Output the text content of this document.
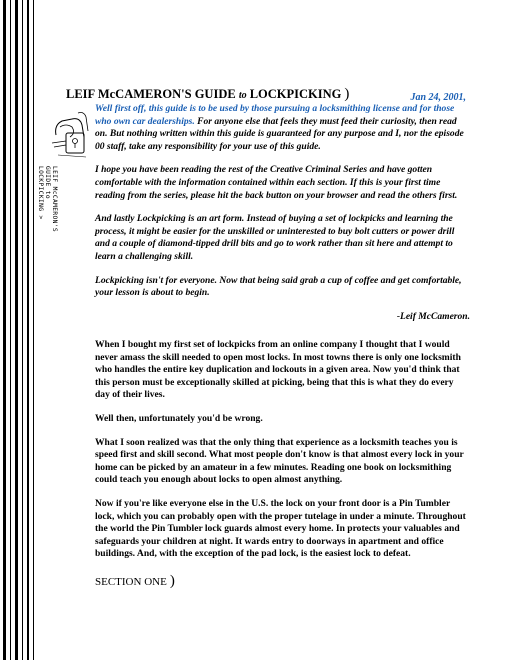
LEIF McCAMERON'S GUIDE to LOCKPICKING )	Jan 24, 2001,
LEIF McCAMERON'S
GUIDE to
LOCKPICKING >

Well first off, this guide is to be used by those pursuing a locksmithing license and for those who own car dealerships. For anyone else that feels they must feed their curiosity, then read on. But nothing written within this guide is guaranteed for any purpose and I, nor the episode 00 staff, take any responsibility for your use of this guide.

I hope you have been reading the rest of the Creative Criminal Series and have gotten comfortable with the information contained within each section. If this is your first time reading from the series, please hit the back button on your browser and read the others first.

And lastly Lockpicking is an art form. Instead of buying a set of lockpicks and learning the process, it might be easier for the unskilled or uninterested to buy bolt cutters or power drill and a couple of diamond-tipped drill bits and go to work rather than sit here and attempt to learn a challenging skill.

Lockpicking isn't for everyone. Now that being said grab a cup of coffee and get comfortable, your lesson is about to begin.

-Leif McCameron.

When I bought my first set of lockpicks from an online company I thought that I would never amass the skill needed to open most locks. In most towns there is only one locksmith who handles the entire key duplication and lockouts in a given area. Now you'd think that this person must be exceptionally skilled at picking, being that this is what they do every day of their lives.

Well then, unfortunately you'd be wrong.

What I soon realized was that the only thing that experience as a locksmith teaches you is speed first and skill second. What most people don't know is that almost every lock in your home can be picked by an amateur in a few minutes. Reading one book on locksmithing could teach you enough about locks to open almost anything.

Now if you're like everyone else in the U.S. the lock on your front door is a Pin Tumbler lock, which you can probably open with the proper tutelage in under a minute. Throughout the world the Pin Tumbler lock guards almost every home. In protects your valuables and safeguards your children at night. It wards entry to doorways in apartment and office buildings. And, with the exception of the pad lock, is the easiest lock to defeat.

SECTION ONE )
